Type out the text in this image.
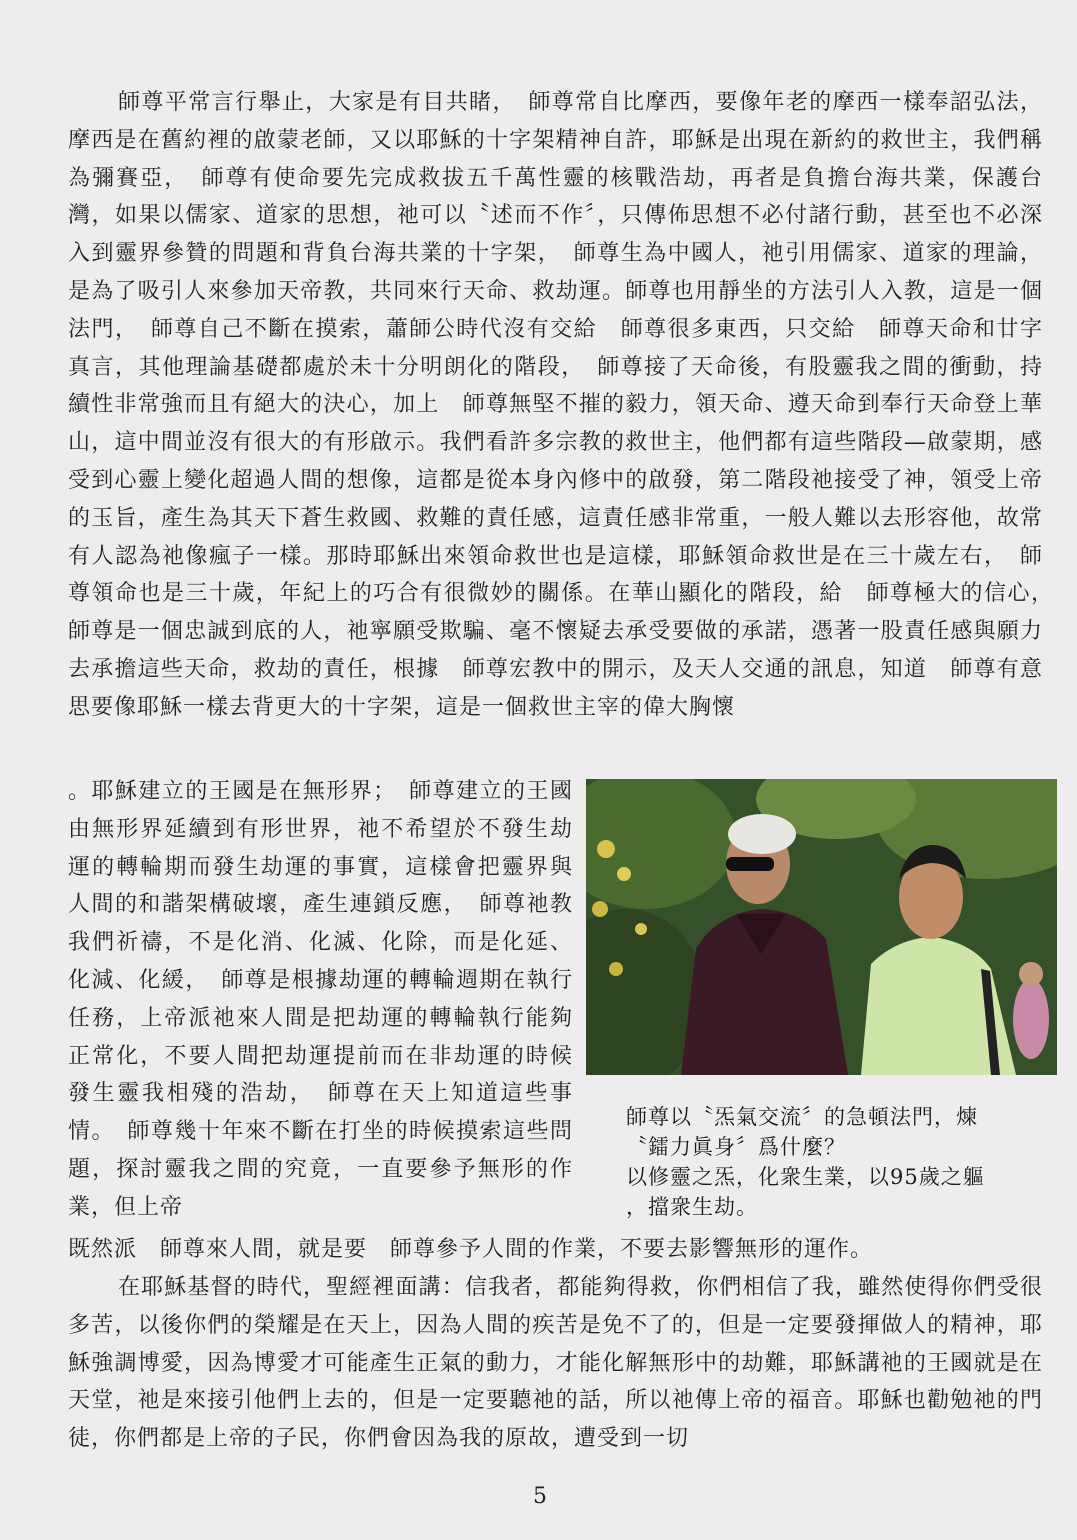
師尊平常言行舉止，大家是有目共睹，　師尊常自比摩西，要像年老的摩西一樣奉詔弘法，摩西是在舊約裡的啟蒙老師，又以耶穌的十字架精神自許，耶穌是出現在新約的救世主，我們稱為彌賽亞，　師尊有使命要先完成救拔五千萬性靈的核戰浩劫，再者是負擔台海共業，保護台灣，如果以儒家、道家的思想，祂可以〝述而不作〞，只傳佈思想不必付諸行動，甚至也不必深入到靈界參贊的問題和背負台海共業的十字架，　師尊生為中國人，祂引用儒家、道家的理論，是為了吸引人來參加天帝教，共同來行天命、救劫運。師尊也用靜坐的方法引人入教，這是一個法門，　師尊自己不斷在摸索，蕭師公時代沒有交給　師尊很多東西，只交給　師尊天命和廿字真言，其他理論基礎都處於未十分明朗化的階段，　師尊接了天命後，有股靈我之間的衝動，持續性非常強而且有絕大的決心，加上　師尊無堅不摧的毅力，領天命、遵天命到奉行天命登上華山，這中間並沒有很大的有形啟示。我們看許多宗教的救世主，他們都有這些階段—啟蒙期，感受到心靈上變化超過人間的想像，這都是從本身內修中的啟發，第二階段祂接受了神，領受上帝的玉旨，產生為其天下蒼生救國、救難的責任感，這責任感非常重，一般人難以去形容他，故常有人認為祂像瘋子一樣。那時耶穌出來領命救世也是這樣，耶穌領命救世是在三十歲左右，　師尊領命也是三十歲，年紀上的巧合有很微妙的關係。在華山顯化的階段，給　師尊極大的信心，　師尊是一個忠誠到底的人，祂寧願受欺騙、毫不懷疑去承受要做的承諾，憑著一股責任感與願力去承擔這些天命，救劫的責任，根據　師尊宏教中的開示，及天人交通的訊息，知道　師尊有意思要像耶穌一樣去背更大的十字架，這是一個救世主宰的偉大胸懷

。耶穌建立的王國是在無形界；　師尊建立的王國由無形界延續到有形世界，祂不希望於不發生劫運的轉輪期而發生劫運的事實，這樣會把靈界與人間的和諧架構破壞，產生連鎖反應，　師尊祂教我們祈禱，不是化消、化滅、化除，而是化延、化減、化緩，　師尊是根據劫運的轉輪週期在執行任務，上帝派祂來人間是把劫運的轉輪執行能夠正常化，不要人間把劫運提前而在非劫運的時候發生靈我相殘的浩劫，　師尊在天上知道這些事情。　師尊幾十年來不斷在打坐的時候摸索這些問題，探討靈我之間的究竟，一直要參予無形的作業，但上帝

師尊以〝炁氣交流〞的急頓法門，煉
〝鐳力眞身〞爲什麼？
以修靈之炁，化衆生業，以95歲之軀
，擋衆生劫。

既然派　師尊來人間，就是要　師尊參予人間的作業，不要去影響無形的運作。

在耶穌基督的時代，聖經裡面講：信我者，都能夠得救，你們相信了我，雖然使得你們受很多苦，以後你們的榮耀是在天上，因為人間的疾苦是免不了的，但是一定要發揮做人的精神，耶穌強調博愛，因為博愛才可能產生正氣的動力，才能化解無形中的劫難，耶穌講祂的王國就是在天堂，祂是來接引他們上去的，但是一定要聽祂的話，所以祂傳上帝的福音。耶穌也勸勉祂的門徒，你們都是上帝的子民，你們會因為我的原故，遭受到一切

5
